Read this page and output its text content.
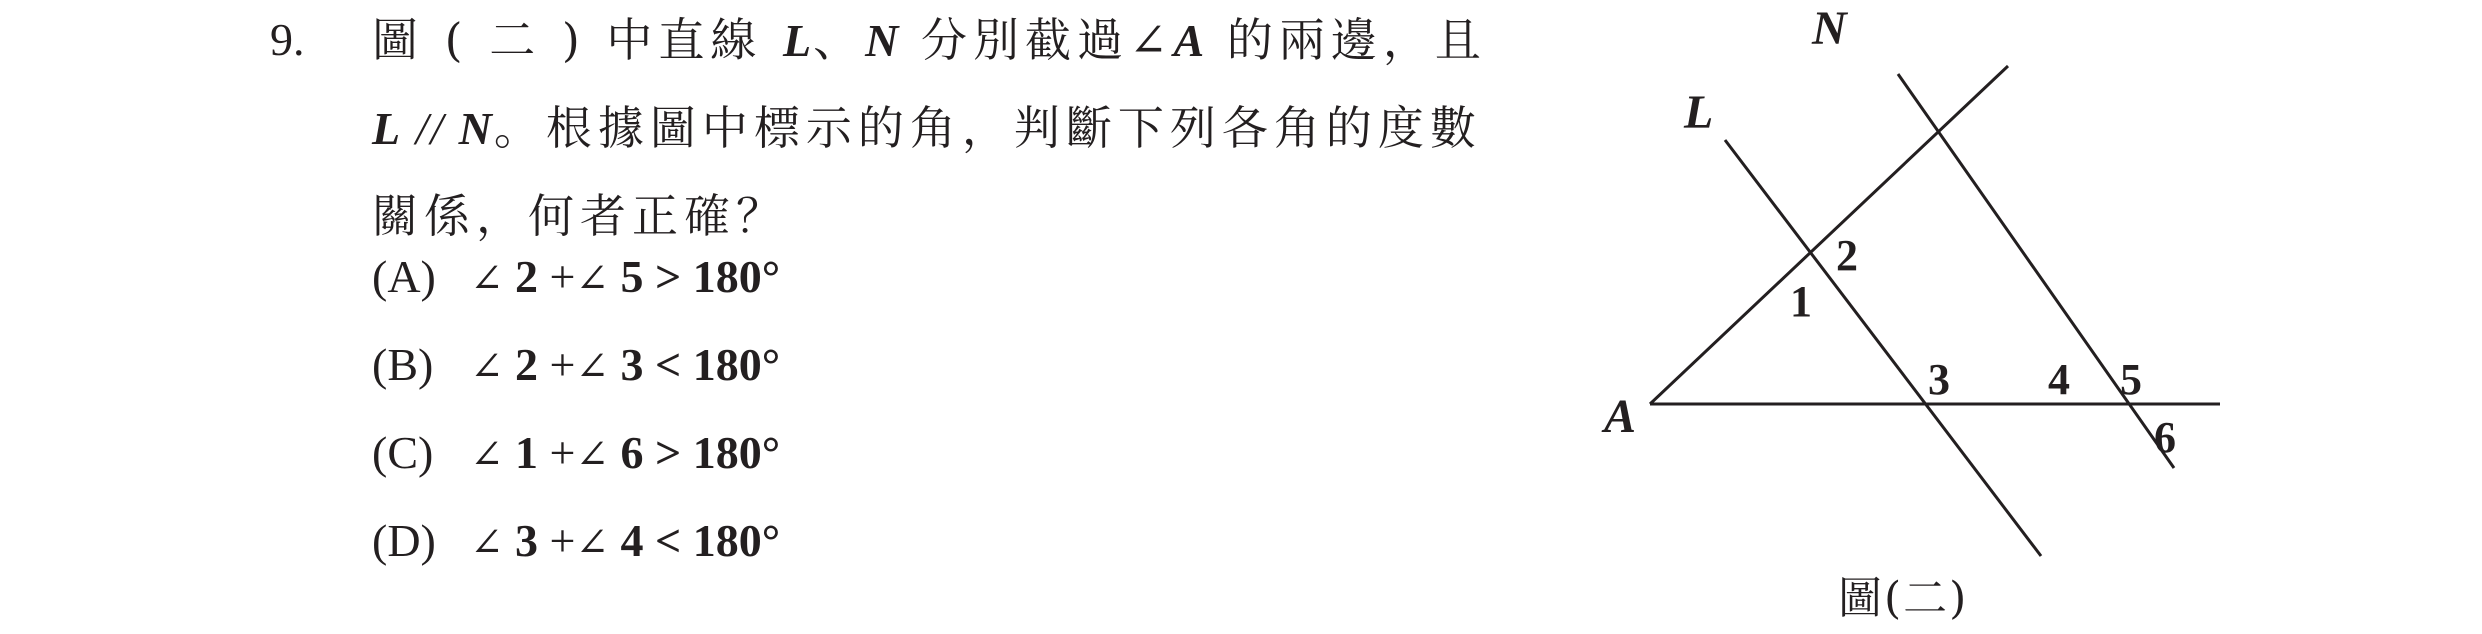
9. 圖 ( 二 ) 中直線 L、N 分別截過∠A 的兩邊，且
L // N。根據圖中標示的角，判斷下列各角的度數
關係，何者正確？
(A) ∠ 2 +∠ 5 > 180°
(B) ∠ 2 +∠ 3 < 180°
(C) ∠ 1 +∠ 6 > 180°
(D) ∠ 3 +∠ 4 < 180°
N
L
A
2
1
3 4 5
6
圖(二)
